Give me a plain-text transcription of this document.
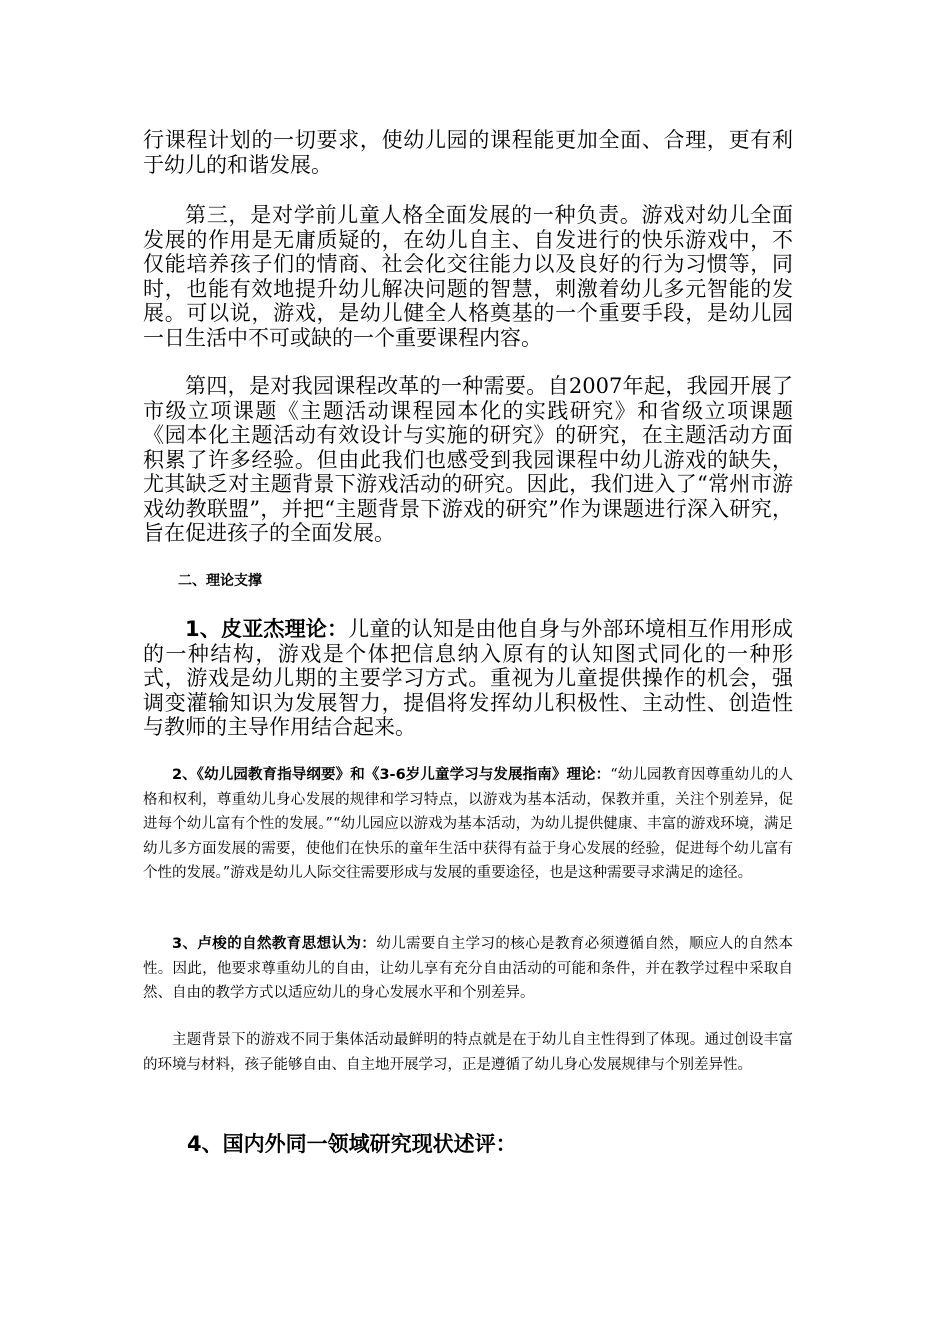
行课程计划的一切要求，使幼儿园的课程能更加全面、合理，更有利于幼儿的和谐发展。

第三，是对学前儿童人格全面发展的一种负责。游戏对幼儿全面发展的作用是无庸质疑的，在幼儿自主、自发进行的快乐游戏中，不仅能培养孩子们的情商、社会化交往能力以及良好的行为习惯等，同时，也能有效地提升幼儿解决问题的智慧，刺激着幼儿多元智能的发展。可以说，游戏，是幼儿健全人格奠基的一个重要手段，是幼儿园一日生活中不可或缺的一个重要课程内容。

第四，是对我园课程改革的一种需要。自2007年起，我园开展了市级立项课题《主题活动课程园本化的实践研究》和省级立项课题《园本化主题活动有效设计与实施的研究》的研究，在主题活动方面积累了许多经验。但由此我们也感受到我园课程中幼儿游戏的缺失，尤其缺乏对主题背景下游戏活动的研究。因此，我们进入了“常州市游戏幼教联盟”，并把“主题背景下游戏的研究”作为课题进行深入研究，旨在促进孩子的全面发展。

二、理论支撑

1、皮亚杰理论：儿童的认知是由他自身与外部环境相互作用形成的一种结构，游戏是个体把信息纳入原有的认知图式同化的一种形式，游戏是幼儿期的主要学习方式。重视为儿童提供操作的机会，强调变灌输知识为发展智力，提倡将发挥幼儿积极性、主动性、创造性与教师的主导作用结合起来。

2、《幼儿园教育指导纲要》和《3-6岁儿童学习与发展指南》理论：“幼儿园教育因尊重幼儿的人格和权利，尊重幼儿身心发展的规律和学习特点，以游戏为基本活动，保教并重，关注个别差异，促进每个幼儿富有个性的发展。”“幼儿园应以游戏为基本活动，为幼儿提供健康、丰富的游戏环境，满足幼儿多方面发展的需要，使他们在快乐的童年生活中获得有益于身心发展的经验，促进每个幼儿富有个性的发展。”游戏是幼儿人际交往需要形成与发展的重要途径，也是这种需要寻求满足的途径。

3、卢梭的自然教育思想认为：幼儿需要自主学习的核心是教育必须遵循自然，顺应人的自然本性。因此，他要求尊重幼儿的自由，让幼儿享有充分自由活动的可能和条件，并在教学过程中采取自然、自由的教学方式以适应幼儿的身心发展水平和个别差异。

主题背景下的游戏不同于集体活动最鲜明的特点就是在于幼儿自主性得到了体现。通过创设丰富的环境与材料，孩子能够自由、自主地开展学习，正是遵循了幼儿身心发展规律与个别差异性。

4、国内外同一领域研究现状述评：
